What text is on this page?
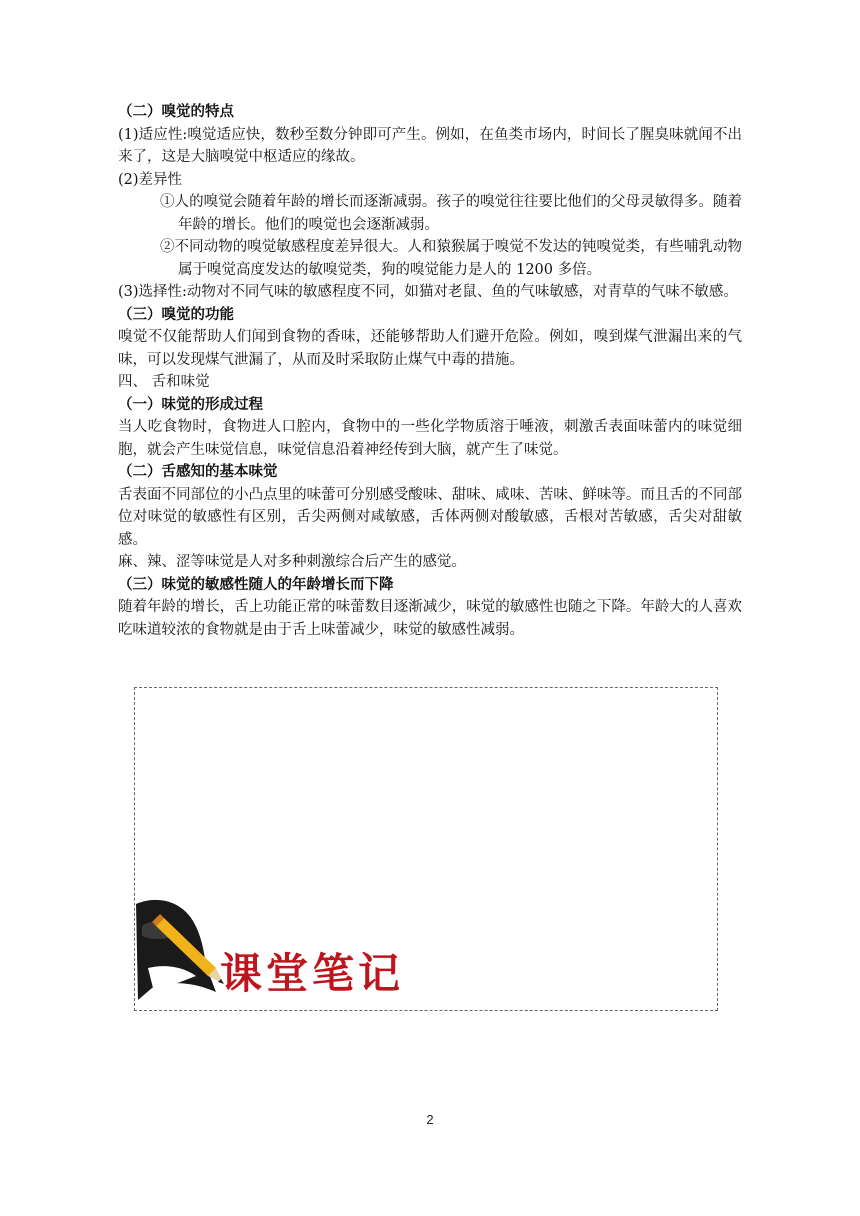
（二）嗅觉的特点

(1)适应性:嗅觉适应快，数秒至数分钟即可产生。例如，在鱼类市场内，时间长了腥臭味就闻不出来了，这是大脑嗅觉中枢适应的缘故。

(2)差异性

①人的嗅觉会随着年龄的增长而逐渐减弱。孩子的嗅觉往往要比他们的父母灵敏得多。随着年龄的增长。他们的嗅觉也会逐渐减弱。

②不同动物的嗅觉敏感程度差异很大。人和猿猴属于嗅觉不发达的钝嗅觉类，有些哺乳动物属于嗅觉高度发达的敏嗅觉类，狗的嗅觉能力是人的 1200 多倍。

(3)选择性:动物对不同气味的敏感程度不同，如猫对老鼠、鱼的气味敏感，对青草的气味不敏感。

（三）嗅觉的功能

嗅觉不仅能帮助人们闻到食物的香味，还能够帮助人们避开危险。例如，嗅到煤气泄漏出来的气味，可以发现煤气泄漏了，从而及时采取防止煤气中毒的措施。

四、 舌和味觉

（一）味觉的形成过程

当人吃食物时，食物进人口腔内，食物中的一些化学物质溶于唾液，刺激舌表面味蕾内的味觉细胞，就会产生味觉信息，味觉信息沿着神经传到大脑，就产生了味觉。

（二）舌感知的基本味觉

舌表面不同部位的小凸点里的味蕾可分别感受酸味、甜味、咸味、苦味、鲜味等。而且舌的不同部位对味觉的敏感性有区别，舌尖两侧对咸敏感，舌体两侧对酸敏感，舌根对苦敏感，舌尖对甜敏感。

麻、辣、涩等味觉是人对多种刺激综合后产生的感觉。

（三）味觉的敏感性随人的年龄增长而下降

随着年龄的增长，舌上功能正常的味蕾数目逐渐减少，味觉的敏感性也随之下降。年龄大的人喜欢吃味道较浓的食物就是由于舌上味蕾减少，味觉的敏感性减弱。

课堂笔记
2
